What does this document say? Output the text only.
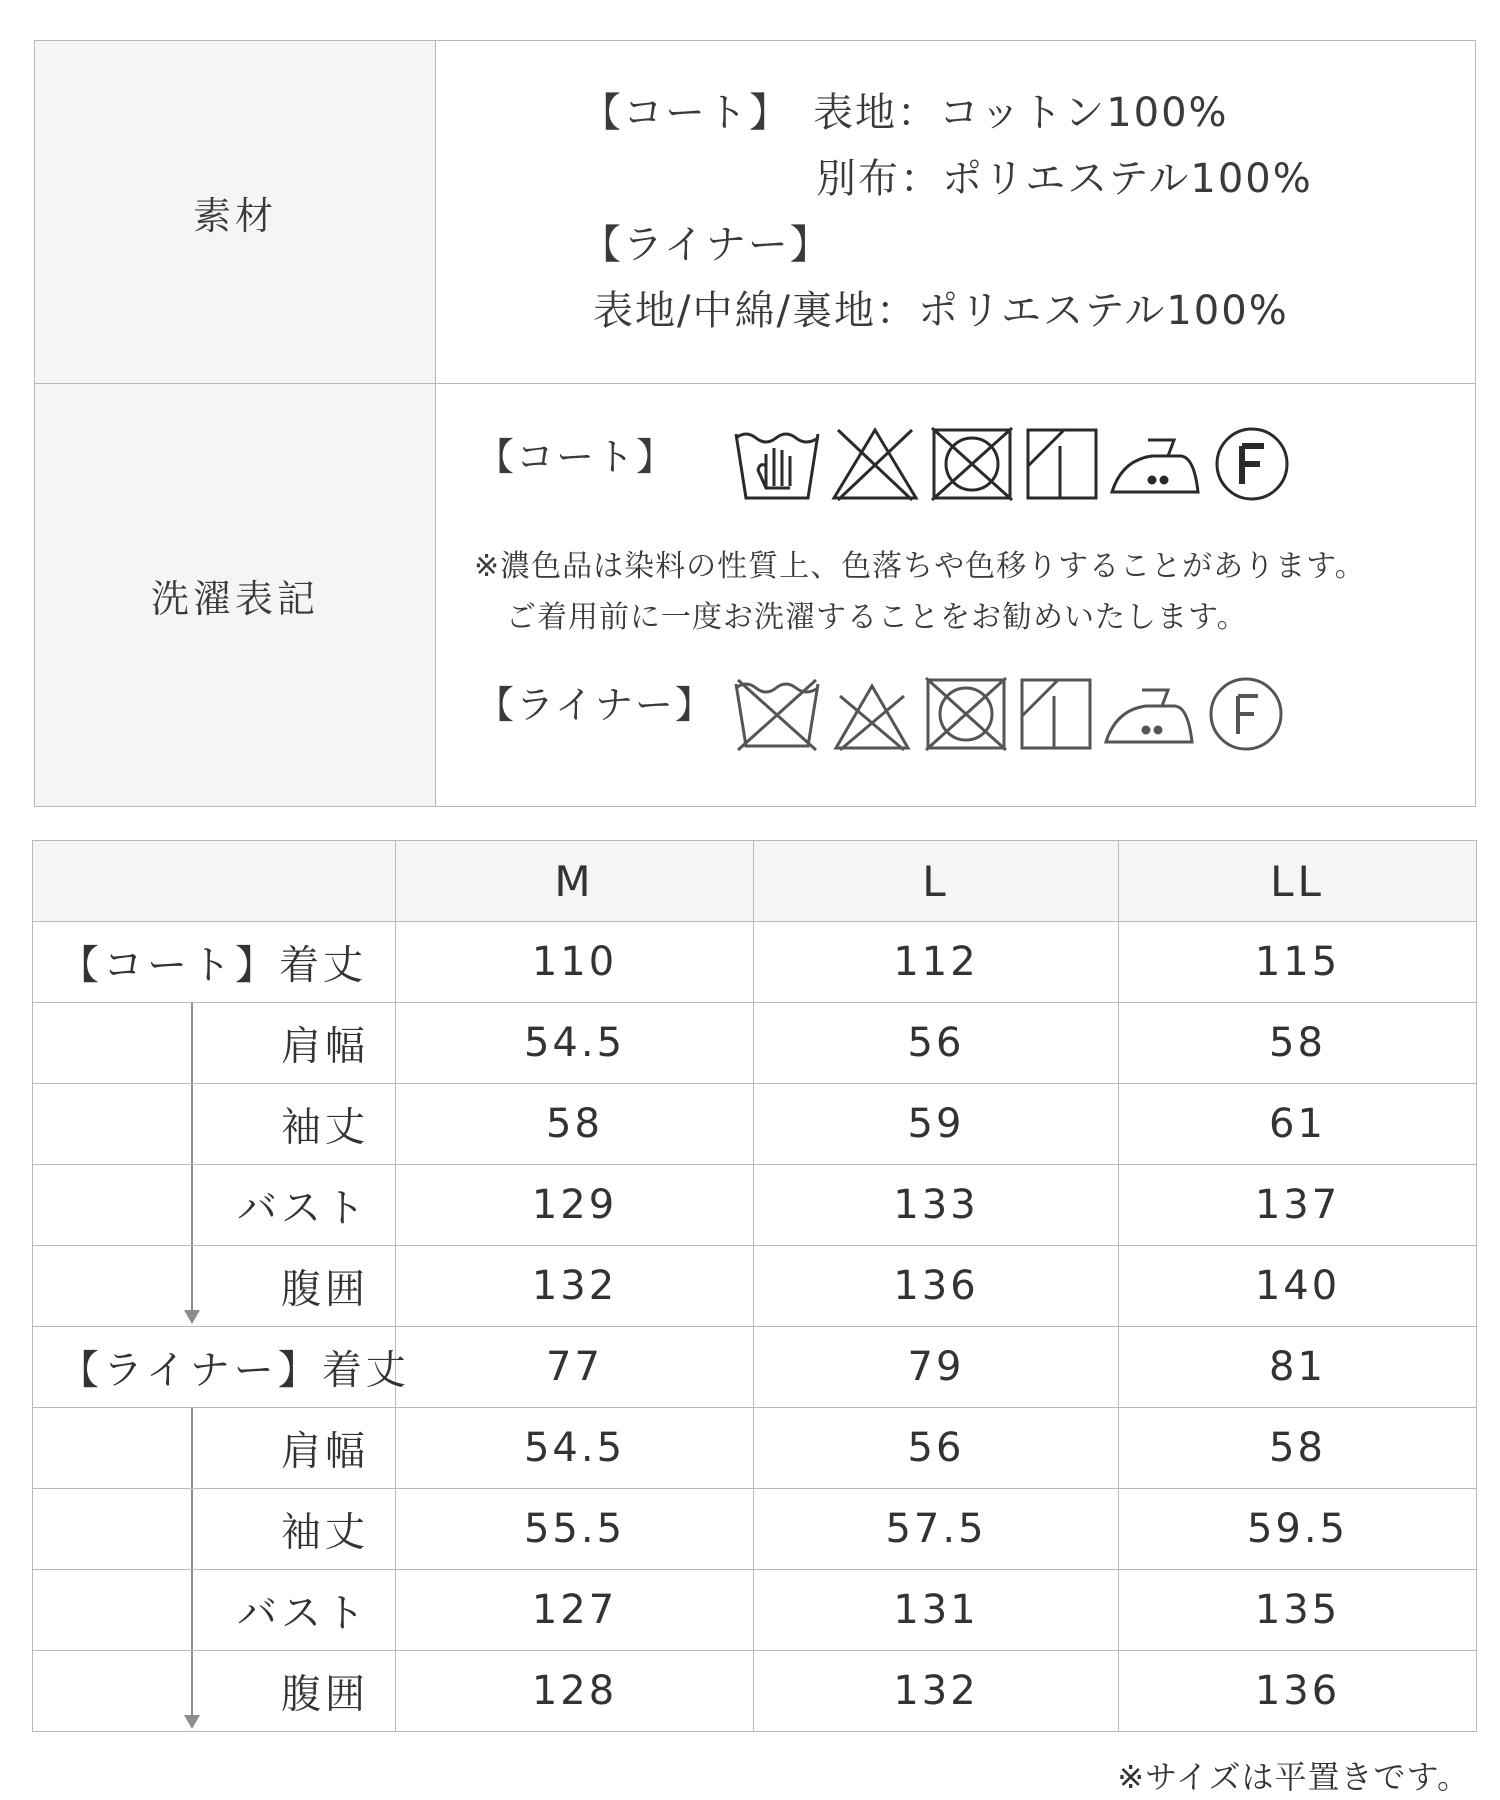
素材
【コート】　表地：コットン100%
別布：ポリエステル100%
【ライナー】
表地/中綿/裏地：ポリエステル100%
洗濯表記
【コート】
※濃色品は染料の性質上、色落ちや色移りすることがあります。
ご着用前に一度お洗濯することをお勧めいたします。
【ライナー】
	M	L	LL

【コート】着丈	110	112	115

肩幅	54.5	56	58

袖丈	58	59	61

バスト	129	133	137

腹囲	132	136	140

【ライナー】着丈	77	79	81

肩幅	54.5	56	58

袖丈	55.5	57.5	59.5

バスト	127	131	135

腹囲	128	132	136
※サイズは平置きです。
